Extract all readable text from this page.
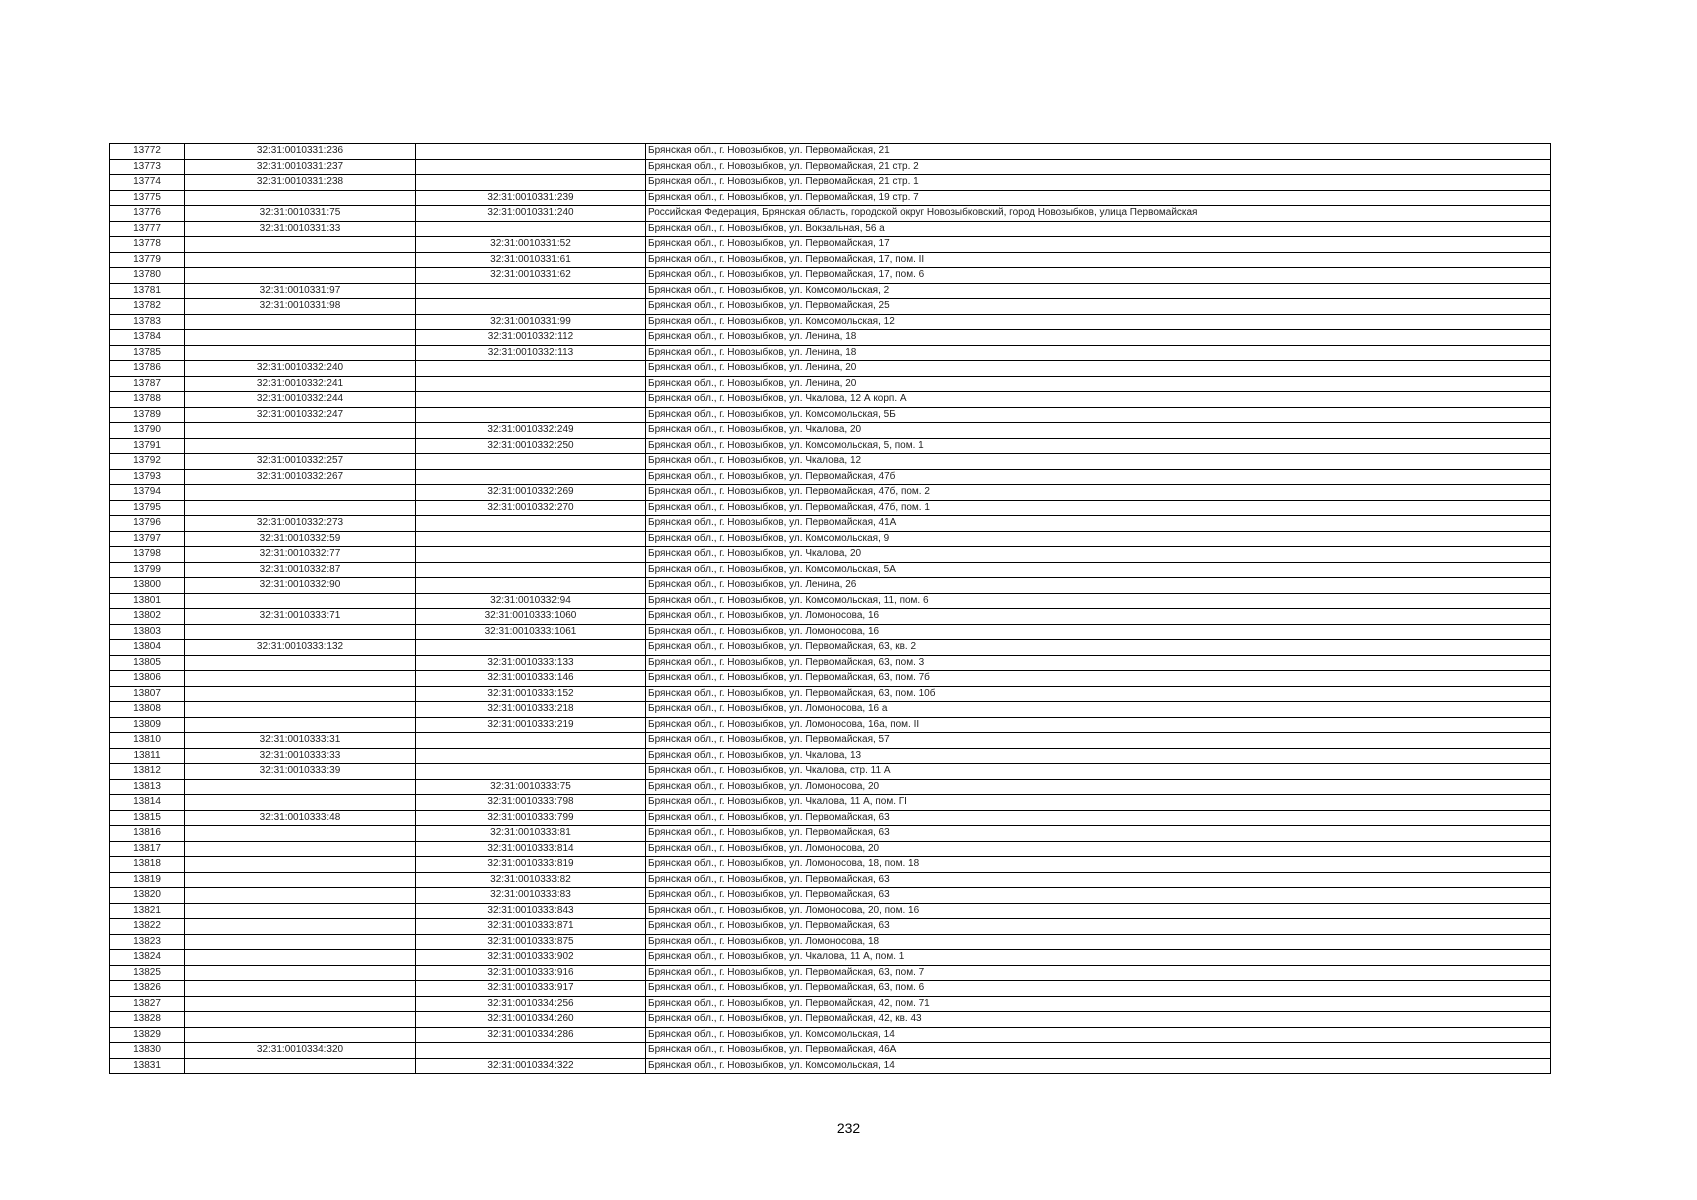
13772	32:31:0010331:236		Брянская обл., г. Новозыбков, ул. Первомайская, 21
13773	32:31:0010331:237		Брянская обл., г. Новозыбков, ул. Первомайская, 21 стр. 2
13774	32:31:0010331:238		Брянская обл., г. Новозыбков, ул. Первомайская, 21 стр. 1
13775		32:31:0010331:239	Брянская обл., г. Новозыбков, ул. Первомайская, 19 стр. 7
13776	32:31:0010331:75	32:31:0010331:240	Российская Федерация, Брянская область, городской округ Новозыбковский, город Новозыбков, улица Первомайская
13777	32:31:0010331:33		Брянская обл., г. Новозыбков, ул. Вокзальная, 56 а
13778		32:31:0010331:52	Брянская обл., г. Новозыбков, ул. Первомайская, 17
13779		32:31:0010331:61	Брянская обл., г. Новозыбков, ул. Первомайская, 17, пом. II
13780		32:31:0010331:62	Брянская обл., г. Новозыбков, ул. Первомайская, 17, пом. 6
13781	32:31:0010331:97		Брянская обл., г. Новозыбков, ул. Комсомольская, 2
13782	32:31:0010331:98		Брянская обл., г. Новозыбков, ул. Первомайская, 25
13783		32:31:0010331:99	Брянская обл., г. Новозыбков, ул. Комсомольская, 12
13784		32:31:0010332:112	Брянская обл., г. Новозыбков, ул. Ленина, 18
13785		32:31:0010332:113	Брянская обл., г. Новозыбков, ул. Ленина, 18
13786	32:31:0010332:240		Брянская обл., г. Новозыбков, ул. Ленина, 20
13787	32:31:0010332:241		Брянская обл., г. Новозыбков, ул. Ленина, 20
13788	32:31:0010332:244		Брянская обл., г. Новозыбков, ул. Чкалова, 12 А корп. А
13789	32:31:0010332:247		Брянская обл., г. Новозыбков, ул. Комсомольская, 5Б
13790		32:31:0010332:249	Брянская обл., г. Новозыбков, ул. Чкалова, 20
13791		32:31:0010332:250	Брянская обл., г. Новозыбков, ул. Комсомольская, 5, пом. 1
13792	32:31:0010332:257		Брянская обл., г. Новозыбков, ул. Чкалова, 12
13793	32:31:0010332:267		Брянская обл., г. Новозыбков, ул. Первомайская, 47б
13794		32:31:0010332:269	Брянская обл., г. Новозыбков, ул. Первомайская, 47б, пом. 2
13795		32:31:0010332:270	Брянская обл., г. Новозыбков, ул. Первомайская, 47б, пом. 1
13796	32:31:0010332:273		Брянская обл., г. Новозыбков, ул. Первомайская, 41А
13797	32:31:0010332:59		Брянская обл., г. Новозыбков, ул. Комсомольская, 9
13798	32:31:0010332:77		Брянская обл., г. Новозыбков, ул. Чкалова, 20
13799	32:31:0010332:87		Брянская обл., г. Новозыбков, ул. Комсомольская, 5А
13800	32:31:0010332:90		Брянская обл., г. Новозыбков, ул. Ленина, 26
13801		32:31:0010332:94	Брянская обл., г. Новозыбков, ул. Комсомольская, 11, пом. 6
13802	32:31:0010333:71	32:31:0010333:1060	Брянская обл., г. Новозыбков, ул. Ломоносова, 16
13803		32:31:0010333:1061	Брянская обл., г. Новозыбков, ул. Ломоносова, 16
13804	32:31:0010333:132		Брянская обл., г. Новозыбков, ул. Первомайская, 63, кв. 2
13805		32:31:0010333:133	Брянская обл., г. Новозыбков, ул. Первомайская, 63, пом. 3
13806		32:31:0010333:146	Брянская обл., г. Новозыбков, ул. Первомайская, 63, пом. 7б
13807		32:31:0010333:152	Брянская обл., г. Новозыбков, ул. Первомайская, 63, пом. 10б
13808		32:31:0010333:218	Брянская обл., г. Новозыбков, ул. Ломоносова, 16 а
13809		32:31:0010333:219	Брянская обл., г. Новозыбков, ул. Ломоносова, 16а, пом. II
13810	32:31:0010333:31		Брянская обл., г. Новозыбков, ул. Первомайская, 57
13811	32:31:0010333:33		Брянская обл., г. Новозыбков, ул. Чкалова, 13
13812	32:31:0010333:39		Брянская обл., г. Новозыбков, ул. Чкалова, стр. 11 А
13813		32:31:0010333:75	Брянская обл., г. Новозыбков, ул. Ломоносова, 20
13814		32:31:0010333:798	Брянская обл., г. Новозыбков, ул. Чкалова, 11 А, пом. ГI
13815	32:31:0010333:48	32:31:0010333:799	Брянская обл., г. Новозыбков, ул. Первомайская, 63
13816		32:31:0010333:81	Брянская обл., г. Новозыбков, ул. Первомайская, 63
13817		32:31:0010333:814	Брянская обл., г. Новозыбков, ул. Ломоносова, 20
13818		32:31:0010333:819	Брянская обл., г. Новозыбков, ул. Ломоносова, 18, пом. 18
13819		32:31:0010333:82	Брянская обл., г. Новозыбков, ул. Первомайская, 63
13820		32:31:0010333:83	Брянская обл., г. Новозыбков, ул. Первомайская, 63
13821		32:31:0010333:843	Брянская обл., г. Новозыбков, ул. Ломоносова, 20, пом. 16
13822		32:31:0010333:871	Брянская обл., г. Новозыбков, ул. Первомайская, 63
13823		32:31:0010333:875	Брянская обл., г. Новозыбков, ул. Ломоносова, 18
13824		32:31:0010333:902	Брянская обл., г. Новозыбков, ул. Чкалова, 11 А, пом. 1
13825		32:31:0010333:916	Брянская обл., г. Новозыбков, ул. Первомайская, 63, пом. 7
13826		32:31:0010333:917	Брянская обл., г. Новозыбков, ул. Первомайская, 63, пом. 6
13827		32:31:0010334:256	Брянская обл., г. Новозыбков, ул. Первомайская, 42, пом. 71
13828		32:31:0010334:260	Брянская обл., г. Новозыбков, ул. Первомайская, 42, кв. 43
13829		32:31:0010334:286	Брянская обл., г. Новозыбков, ул. Комсомольская, 14
13830	32:31:0010334:320		Брянская обл., г. Новозыбков, ул. Первомайская, 46А
13831		32:31:0010334:322	Брянская обл., г. Новозыбков, ул. Комсомольская, 14
232
